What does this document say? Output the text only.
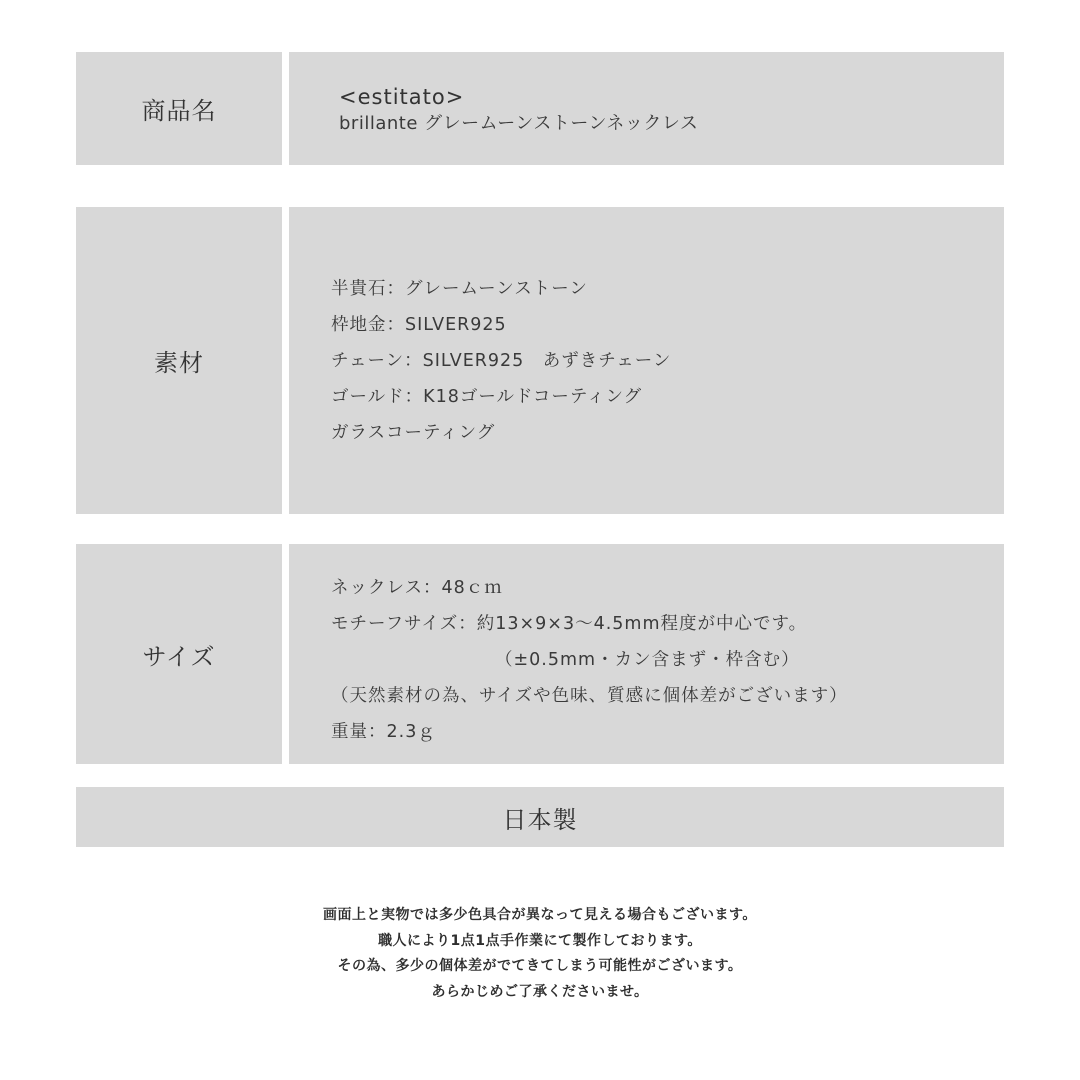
商品名	<estitato>
brillante グレームーンストーンネックレス
素材
半貴石：グレームーンストーン
枠地金：SILVER925
チェーン：SILVER925　あずきチェーン
ゴールド：K18ゴールドコーティング
ガラスコーティング
サイズ
ネックレス：48ｃｍ
モチーフサイズ：約13×9×3～4.5mm程度が中心です。
（±0.5mm・カン含まず・枠含む）
（天然素材の為、サイズや色味、質感に個体差がございます）
重量：2.3ｇ
日本製
画面上と実物では多少色具合が異なって見える場合もございます。
職人により1点1点手作業にて製作しております。
その為、多少の個体差がでてきてしまう可能性がございます。
あらかじめご了承くださいませ。
